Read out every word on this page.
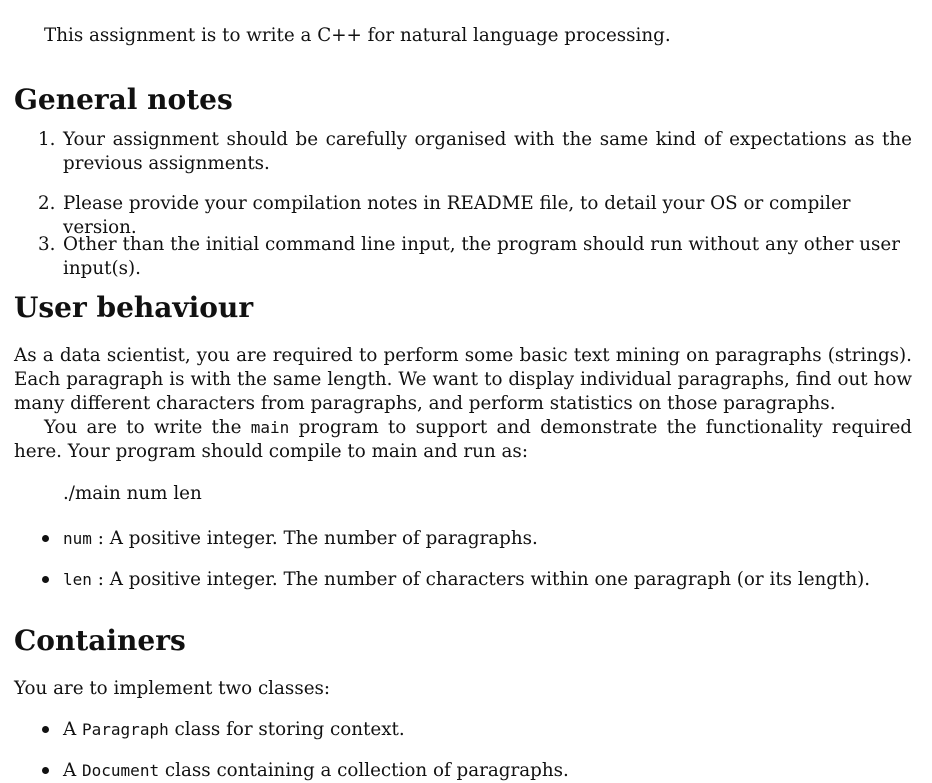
This assignment is to write a C++ for natural language processing.

General notes
1. Your assignment should be carefully organised with the same kind of expectations as the previous assignments.
2. Please provide your compilation notes in README file, to detail your OS or compiler version.
3. Other than the initial command line input, the program should run without any other user input(s).
User behaviour

As a data scientist, you are required to perform some basic text mining on paragraphs (strings). Each paragraph is with the same length. We want to display individual paragraphs, find out how many different characters from paragraphs, and perform statistics on those paragraphs.

You are to write the main program to support and demonstrate the functionality required here. Your program should compile to main and run as:

./main num len

num : A positive integer. The number of paragraphs.
len : A positive integer. The number of characters within one paragraph (or its length).
Containers

You are to implement two classes:

A Paragraph class for storing context.
A Document class containing a collection of paragraphs.
